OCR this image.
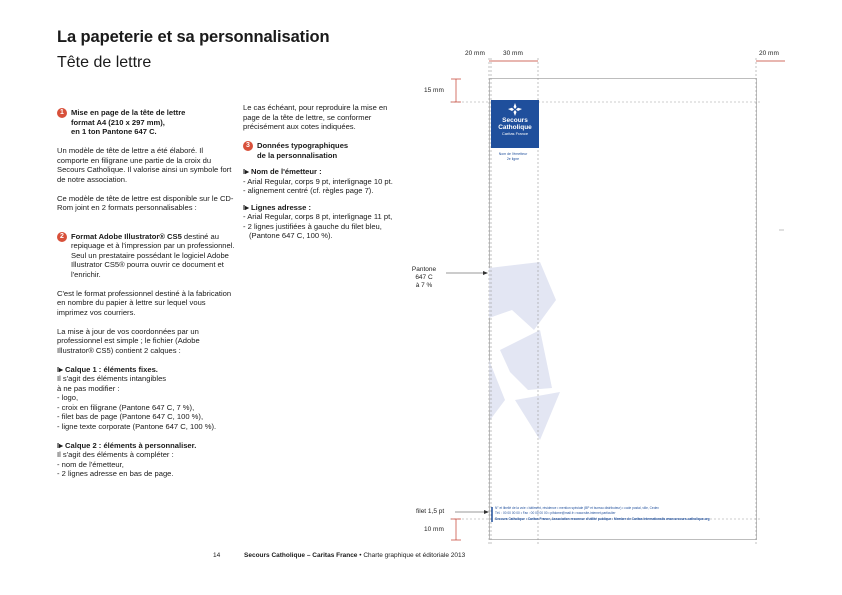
La papeterie et sa personnalisation
Tête de lettre
1 Mise en page de la tête de lettre
format A4 (210 x 297 mm),
en 1 ton Pantone 647 C.

Un modèle de tête de lettre a été élaboré. Il comporte en filigrane une partie de la croix du Secours Catholique. Il valorise ainsi un symbole fort de notre association.

Ce modèle de tête de lettre est disponible sur le CD-Rom joint en 2 formats personnalisables :

2 Format Adobe Illustrator® CS5 destiné au repiquage et à l'impression par un professionnel. Seul un prestataire possédant le logiciel Adobe Illustrator CS5® pourra ouvrir ce document et l'enrichir.

C'est le format professionnel destiné à la fabrication en nombre du papier à lettre sur lequel vous imprimez vos courriers.

La mise à jour de vos coordonnées par un professionnel est simple ; le fichier (Adobe Illustrator® CS5) contient 2 calques :

I▸ Calque 1 : éléments fixes.
Il s'agit des éléments intangibles
à ne pas modifier :
- logo,
- croix en filigrane (Pantone 647 C, 7 %),
- filet bas de page (Pantone 647 C, 100 %),
- ligne texte corporate (Pantone 647 C, 100 %).
I▸ Calque 2 : éléments à personnaliser.
Il s'agit des éléments à compléter :
- nom de l'émetteur,
- 2 lignes adresse en bas de page.

Le cas échéant, pour reproduire la mise en page de la tête de lettre, se conformer précisément aux cotes indiquées.

3 Données typographiques
de la personnalisation
I▸ Nom de l'émetteur :
- Arial Regular, corps 9 pt, interlignage 10 pt.
- alignement centré (cf. règles page 7).
I▸ Lignes adresse :
- Arial Regular, corps 8 pt, interlignage 11 pt,
- 2 lignes justifiées à gauche du filet bleu,
(Pantone 647 C, 100 %).
20 mm	30 mm	20 mm
15 mm
10 mm
Pantone
647 C
à 7 %
filet 1,5 pt
Secours
Catholique
Caritas France
Nom de l'émetteur
2e ligne
N° et libellé de la voie • bâtiment, résidence • mention spéciale (BP et bureau distributeur) • code postal, ville, Cedex
Tél. : 00 00 00 00 • Fax : 00 00 00 00 • pifdome@mail.fr • www.site-internet.particulier
Secours Catholique • Caritas France, Association reconnue d'utilité publique • Membre de Caritas Internationalis www.secours-catholique.org
14	Secours Catholique – Caritas France • Charte graphique et éditoriale 2013
